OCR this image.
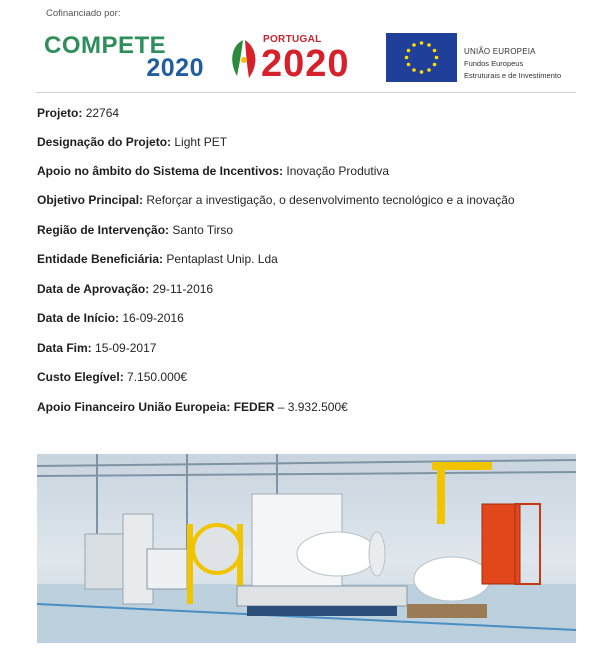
Cofinanciado por:
COMPETE
2020
PORTUGAL
2020	UNIÃO EUROPEIA
Fundos Europeus
Estruturais e de Investimento
Projeto: 22764
Designação do Projeto: Light PET
Apoio no âmbito do Sistema de Incentivos: Inovação Produtiva
Objetivo Principal: Reforçar a investigação, o desenvolvimento tecnológico e a inovação
Região de Intervenção: Santo Tirso
Entidade Beneficiária: Pentaplast Unip. Lda
Data de Aprovação: 29-11-2016
Data de Início: 16-09-2016
Data Fim: 15-09-2017
Custo Elegível: 7.150.000€
Apoio Financeiro União Europeia: FEDER – 3.932.500€
